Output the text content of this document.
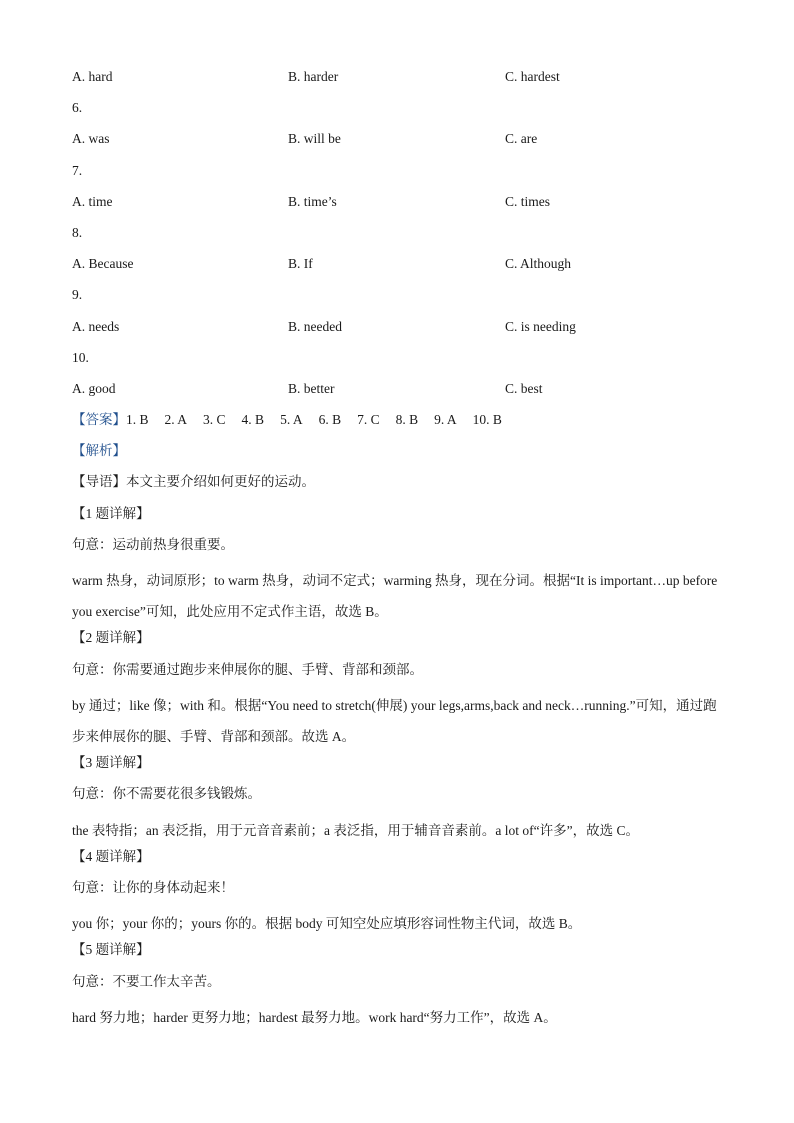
A. hard	B. harder	C. hardest
6.
A. was	B. will be	C. are
7.
A. time	B. time’s	C. times
8.
A. Because	B. If	C. Although
9.
A. needs	B. needed	C. is needing
10.
A. good	B. better	C. best
【答案】1. B 2. A 3. C 4. B 5. A 6. B 7. C 8. B 9. A 10. B
【解析】
【导语】本文主要介绍如何更好的运动。
【1 题详解】
句意：运动前热身很重要。
warm 热身，动词原形；to warm 热身，动词不定式；warming 热身，现在分词。根据“It is important…up before you exercise”可知，此处应用不定式作主语，故选 B。
【2 题详解】
句意：你需要通过跑步来伸展你的腿、手臂、背部和颈部。
by 通过；like 像；with 和。根据“You need to stretch(伸展) your legs,arms,back and neck…running.”可知，通过跑步来伸展你的腿、手臂、背部和颈部。故选 A。
【3 题详解】
句意：你不需要花很多钱锻炼。
the 表特指；an 表泛指，用于元音音素前；a 表泛指，用于辅音音素前。a lot of“许多”，故选 C。
【4 题详解】
句意：让你的身体动起来！
you 你；your 你的；yours 你的。根据 body 可知空处应填形容词性物主代词，故选 B。
【5 题详解】
句意：不要工作太辛苦。
hard 努力地；harder 更努力地；hardest 最努力地。work hard“努力工作”，故选 A。
